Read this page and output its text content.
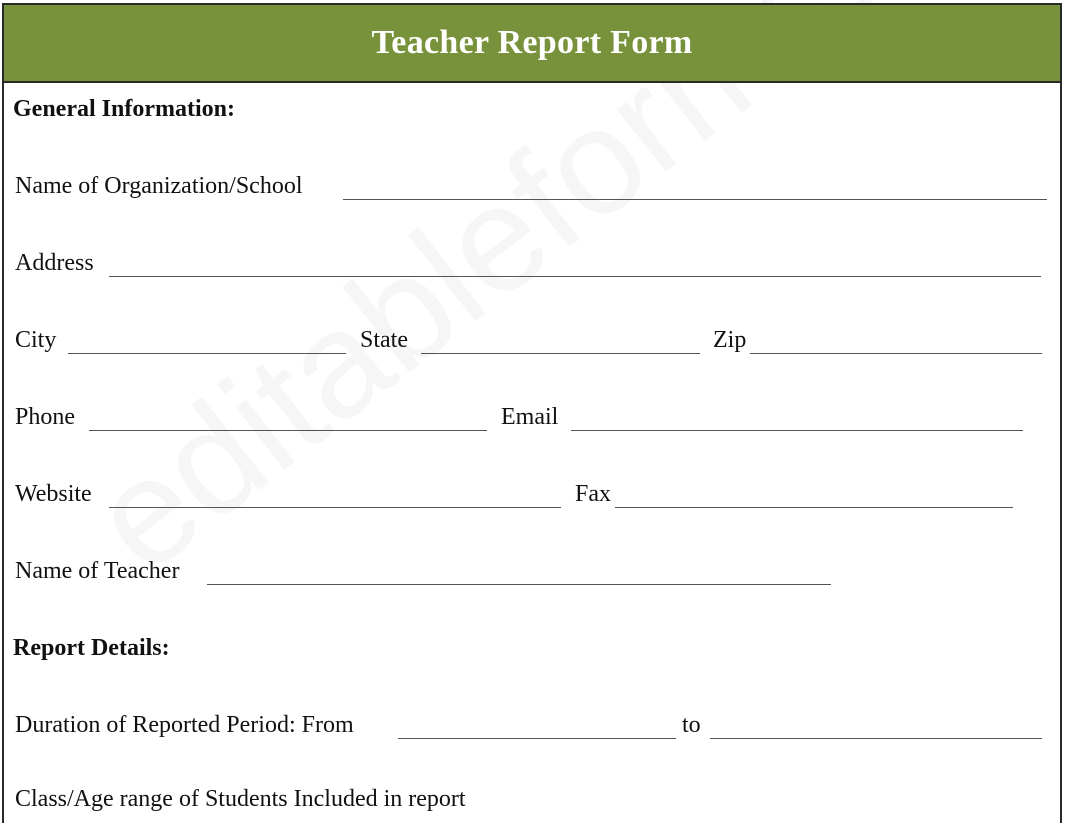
Teacher Report Form
General Information:
Name of Organization/School
Address
City	State	Zip
Phone	Email
Website	Fax
Name of Teacher
Report Details:
Duration of Reported Period: From	to
Class/Age range of Students Included in report
